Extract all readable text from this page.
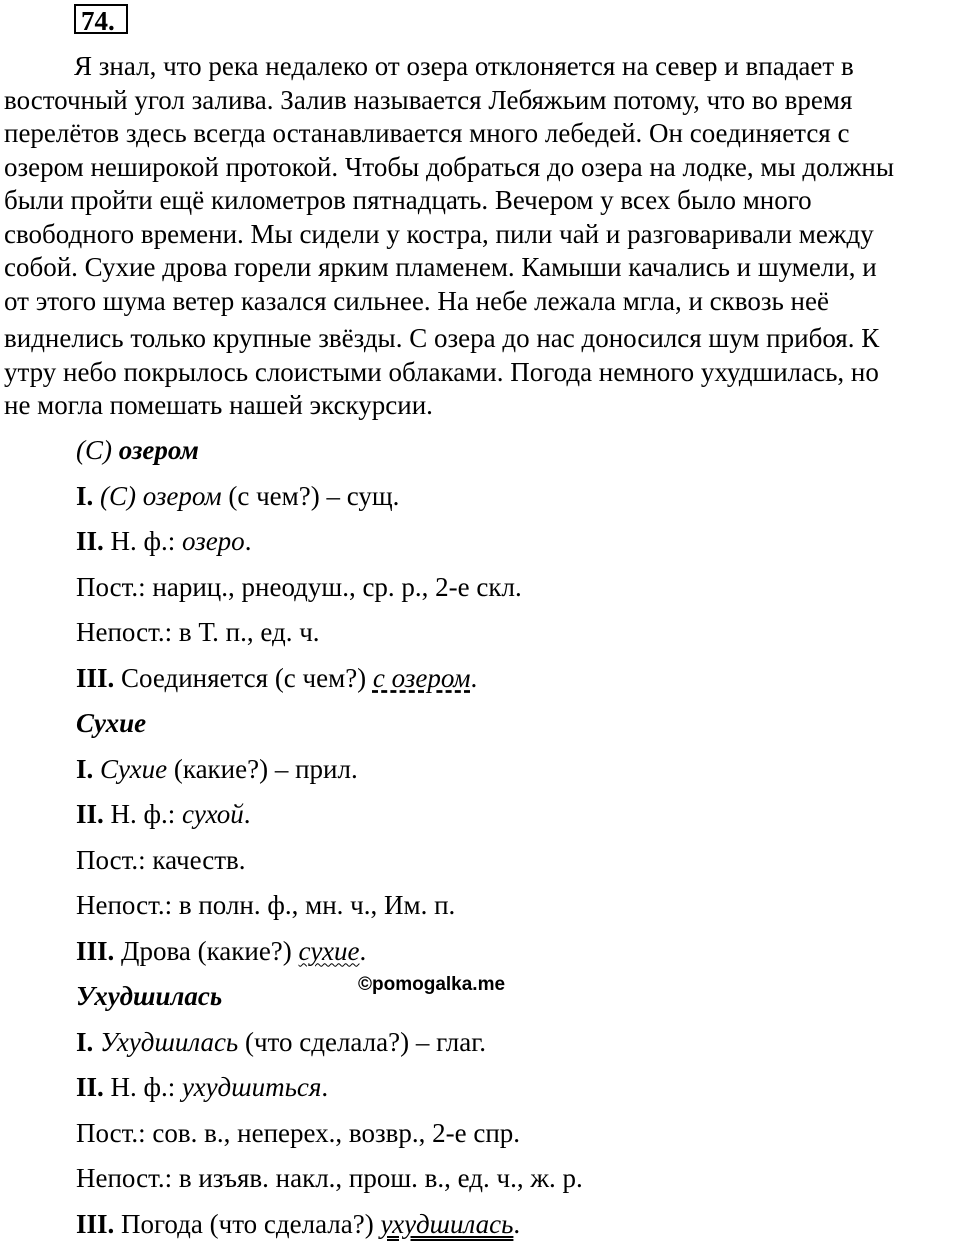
74.

Я знал, что река недалеко от озера отклоняется на север и впадает в
восточный угол залива. Залив называется Лебяжьим потому, что во время
перелётов здесь всегда останавливается много лебедей. Он соединяется с
озером неширокой протокой. Чтобы добраться до озера на лодке, мы должны
были пройти ещё километров пятнадцать. Вечером у всех было много
свободного времени. Мы сидели у костра, пили чай и разговаривали между
собой. Сухие дрова горели ярким пламенем. Камыши качались и шумели, и
от этого шума ветер казался сильнее. На небе лежала мгла, и сквозь неё
виднелись только крупные звёзды. С озера до нас доносился шум прибоя. К
утру небо покрылось слоистыми облаками. Погода немного ухудшилась, но
не могла помешать нашей экскурсии.

(С) озером
I. (С) озером (с чем?) – сущ.
II. Н. ф.: озеро.
Пост.: нариц., рнеодуш., ср. р., 2-е скл.
Непост.: в Т. п., ед. ч.
III. Соединяется (с чем?) с озером.
Сухие
I. Сухие (какие?) – прил.
II. Н. ф.: сухой.
Пост.: качеств.
Непост.: в полн. ф., мн. ч., Им. п.
III. Дрова (какие?) сухие.
Ухудшилась
I. Ухудшилась (что сделала?) – глаг.
II. Н. ф.: ухудшиться.
Пост.: сов. в., неперех., возвр., 2-е спр.
Непост.: в изъяв. накл., прош. в., ед. ч., ж. р.
III. Погода (что сделала?) ухудшилась.
©pomogalka.me
